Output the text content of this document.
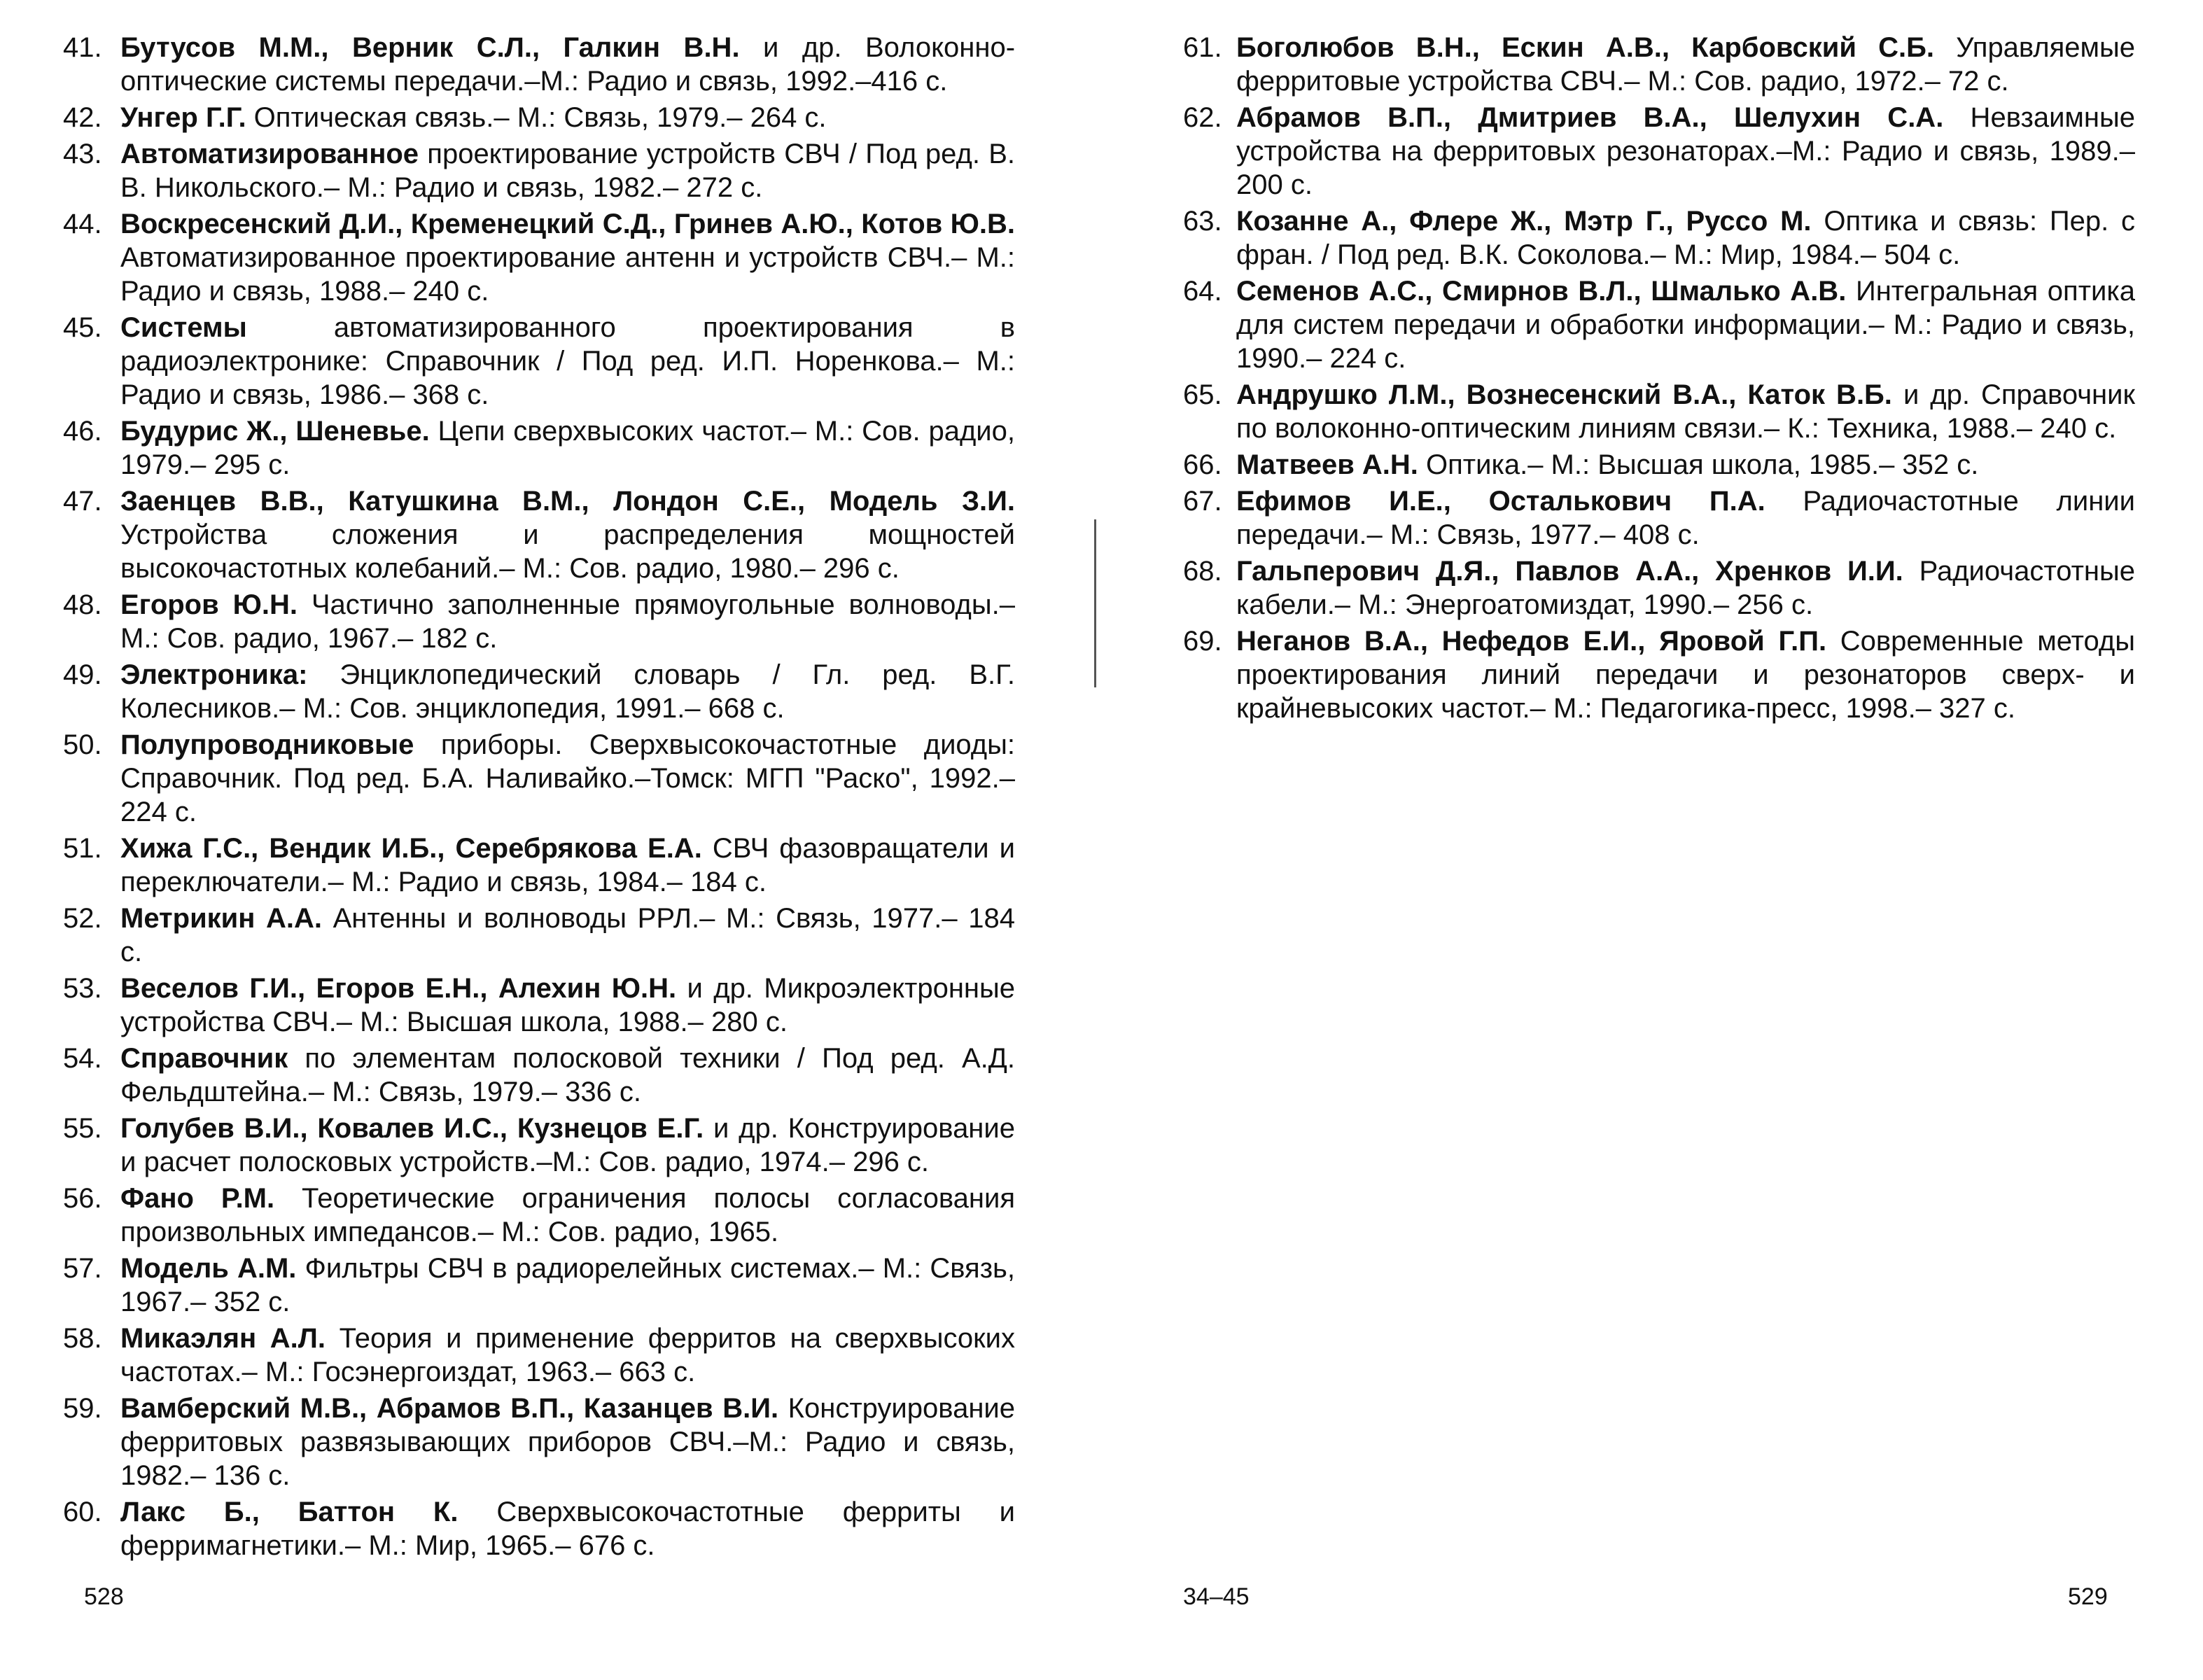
41. Бутусов М.М., Верник С.Л., Галкин В.Н. и др. Волоконно-оптические системы передачи.–М.: Радио и связь, 1992.–416 с.
42. Унгер Г.Г. Оптическая связь.– М.: Связь, 1979.– 264 с.
43. Автоматизированное проектирование устройств СВЧ / Под ред. В. В. Никольского.– М.: Радио и связь, 1982.– 272 с.
44. Воскресенский Д.И., Кременецкий С.Д., Гринев А.Ю., Котов Ю.В. Автоматизированное проектирование антенн и устройств СВЧ.– М.: Радио и связь, 1988.– 240 с.
45. Системы автоматизированного проектирования в радиоэлектронике: Справочник / Под ред. И.П. Норенкова.– М.: Радио и связь, 1986.– 368 с.
46. Будурис Ж., Шеневье. Цепи сверхвысоких частот.– М.: Сов. радио, 1979.– 295 с.
47. Заенцев В.В., Катушкина В.М., Лондон С.Е., Модель З.И. Устройства сложения и распределения мощностей высокочастотных колебаний.– М.: Сов. радио, 1980.– 296 с.
48. Егоров Ю.Н. Частично заполненные прямоугольные волноводы.– М.: Сов. радио, 1967.– 182 с.
49. Электроника: Энциклопедический словарь / Гл. ред. В.Г. Колесников.– М.: Сов. энциклопедия, 1991.– 668 с.
50. Полупроводниковые приборы. Сверхвысокочастотные диоды: Справочник. Под ред. Б.А. Наливайко.–Томск: МГП "Раско", 1992.– 224 с.
51. Хижа Г.С., Вендик И.Б., Серебрякова Е.А. СВЧ фазовращатели и переключатели.– М.: Радио и связь, 1984.– 184 с.
52. Метрикин А.А. Антенны и волноводы РРЛ.– М.: Связь, 1977.– 184 с.
53. Веселов Г.И., Егоров Е.Н., Алехин Ю.Н. и др. Микроэлектронные устройства СВЧ.– М.: Высшая школа, 1988.– 280 с.
54. Справочник по элементам полосковой техники / Под ред. А.Д. Фельдштейна.– М.: Связь, 1979.– 336 с.
55. Голубев В.И., Ковалев И.С., Кузнецов Е.Г. и др. Конструирование и расчет полосковых устройств.–М.: Сов. радио, 1974.– 296 с.
56. Фано Р.М. Теоретические ограничения полосы согласования произвольных импедансов.– М.: Сов. радио, 1965.
57. Модель А.М. Фильтры СВЧ в радиорелейных системах.– М.: Связь, 1967.– 352 с.
58. Микаэлян А.Л. Теория и применение ферритов на сверхвысоких частотах.– М.: Госэнергоиздат, 1963.– 663 с.
59. Вамберский М.В., Абрамов В.П., Казанцев В.И. Конструирование ферритовых развязывающих приборов СВЧ.–М.: Радио и связь, 1982.– 136 с.
60. Лакс Б., Баттон К. Сверхвысокочастотные ферриты и ферримагнетики.– М.: Мир, 1965.– 676 с.
61. Боголюбов В.Н., Ескин А.В., Карбовский С.Б. Управляемые ферритовые устройства СВЧ.– М.: Сов. радио, 1972.– 72 с.
62. Абрамов В.П., Дмитриев В.А., Шелухин С.А. Невзаимные устройства на ферритовых резонаторах.–М.: Радио и связь, 1989.– 200 с.
63. Козанне А., Флере Ж., Мэтр Г., Руссо М. Оптика и связь: Пер. с фран. / Под ред. В.К. Соколова.– М.: Мир, 1984.– 504 с.
64. Семенов А.С., Смирнов В.Л., Шмалько А.В. Интегральная оптика для систем передачи и обработки информации.– М.: Радио и связь, 1990.– 224 с.
65. Андрушко Л.М., Вознесенский В.А., Каток В.Б. и др. Справочник по волоконно-оптическим линиям связи.– К.: Техника, 1988.– 240 с.
66. Матвеев А.Н. Оптика.– М.: Высшая школа, 1985.– 352 с.
67. Ефимов И.Е., Осталькович П.А. Радиочастотные линии передачи.– М.: Связь, 1977.– 408 с.
68. Гальперович Д.Я., Павлов А.А., Хренков И.И. Радиочастотные кабели.– М.: Энергоатомиздат, 1990.– 256 с.
69. Неганов В.А., Нефедов Е.И., Яровой Г.П. Современные методы проектирования линий передачи и резонаторов сверх- и крайневысоких частот.– М.: Педагогика-пресс, 1998.– 327 с.
528	34–45	529
